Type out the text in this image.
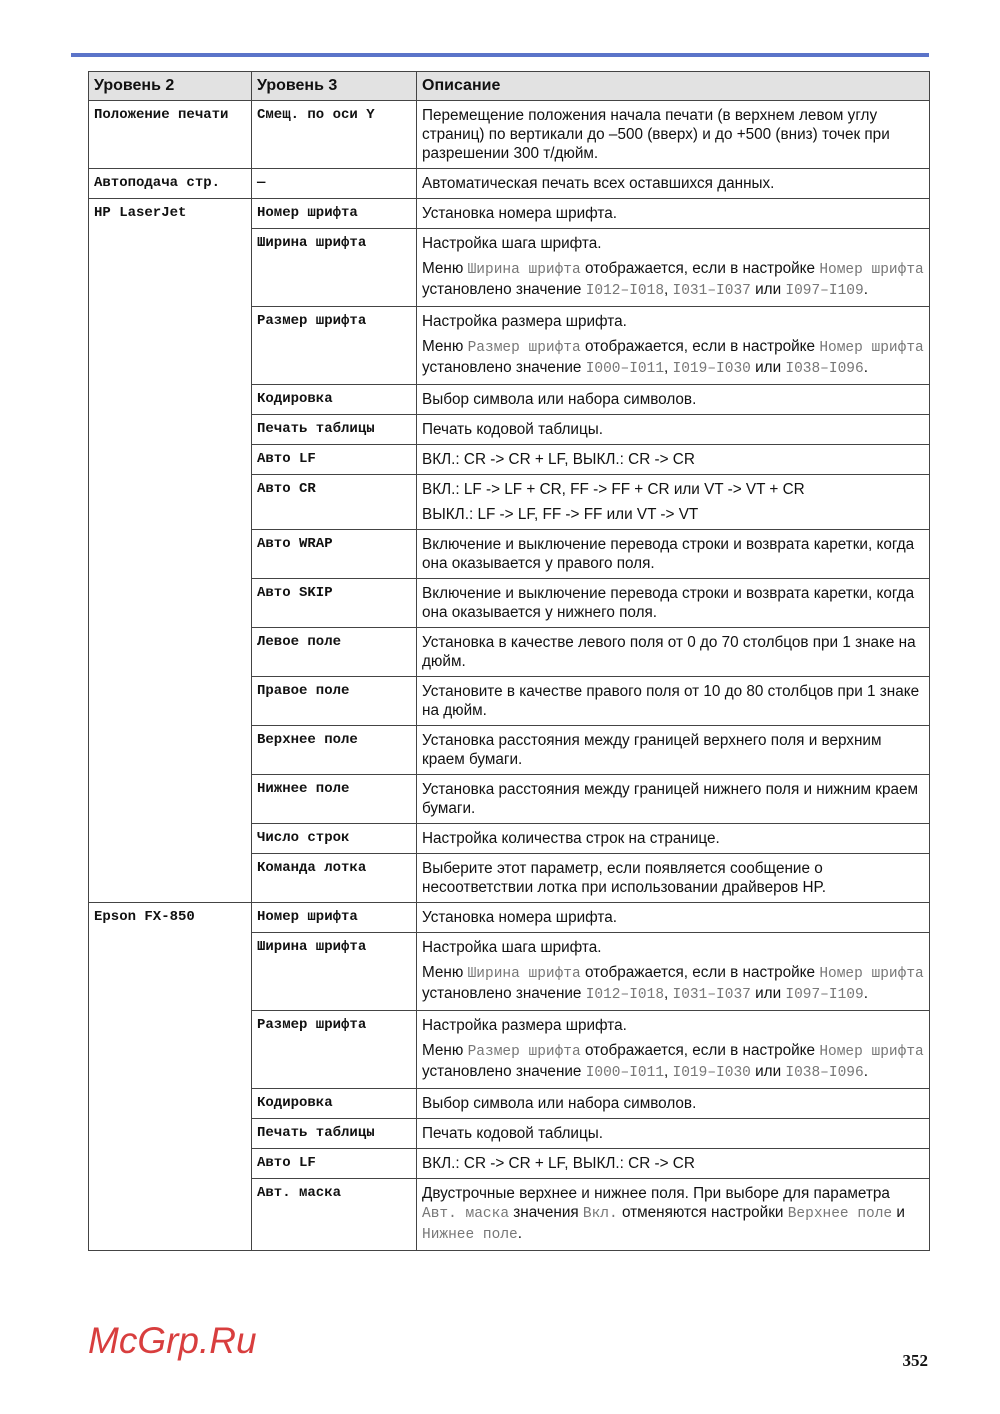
Уровень 2	Уровень 3	Описание
Положение печати	Смещ. по оси Y	Перемещение положения начала печати (в верхнем левом углу страниц) по вертикали до –500 (вверх) и до +500 (вниз) точек при разрешении 300 т/дюйм.

Автоподача стр.	—	Автоматическая печать всех оставшихся данных.

HP LaserJet	Номер шрифта	Установка номера шрифта.

	Ширина шрифта	Настройка шага шрифта.
Меню Ширина шрифта отображается, если в настройке Номер шрифта установлено значение I012–I018, I031–I037 или I097–I109.

	Размер шрифта	Настройка размера шрифта.
Меню Размер шрифта отображается, если в настройке Номер шрифта установлено значение I000–I011, I019–I030 или I038–I096.

	Кодировка	Выбор символа или набора символов.

	Печать таблицы	Печать кодовой таблицы.

	Авто LF	ВКЛ.: CR -> CR + LF, ВЫКЛ.: CR -> CR

	Авто CR	ВКЛ.: LF -> LF + CR, FF -> FF + CR или VT -> VT + CR
ВЫКЛ.: LF -> LF, FF -> FF или VT -> VT

	Авто WRAP	Включение и выключение перевода строки и возврата каретки, когда она оказывается у правого поля.

	Авто SKIP	Включение и выключение перевода строки и возврата каретки, когда она оказывается у нижнего поля.

	Левое поле	Установка в качестве левого поля от 0 до 70 столбцов при 1 знаке на дюйм.

	Правое поле	Установите в качестве правого поля от 10 до 80 столбцов при 1 знаке на дюйм.

	Верхнее поле	Установка расстояния между границей верхнего поля и верхним краем бумаги.

	Нижнее поле	Установка расстояния между границей нижнего поля и нижним краем бумаги.

	Число строк	Настройка количества строк на странице.

	Команда лотка	Выберите этот параметр, если появляется сообщение о несоответствии лотка при использовании драйверов HP.

Epson FX-850	Номер шрифта	Установка номера шрифта.

	Ширина шрифта	Настройка шага шрифта.
Меню Ширина шрифта отображается, если в настройке Номер шрифта установлено значение I012–I018, I031–I037 или I097–I109.

	Размер шрифта	Настройка размера шрифта.
Меню Размер шрифта отображается, если в настройке Номер шрифта установлено значение I000–I011, I019–I030 или I038–I096.

	Кодировка	Выбор символа или набора символов.

	Печать таблицы	Печать кодовой таблицы.

	Авто LF	ВКЛ.: CR -> CR + LF, ВЫКЛ.: CR -> CR

	Авт. маска	Двустрочные верхнее и нижнее поля. При выборе для параметра Авт. маска значения Вкл. отменяются настройки Верхнее поле и Нижнее поле.
McGrp.Ru	352
